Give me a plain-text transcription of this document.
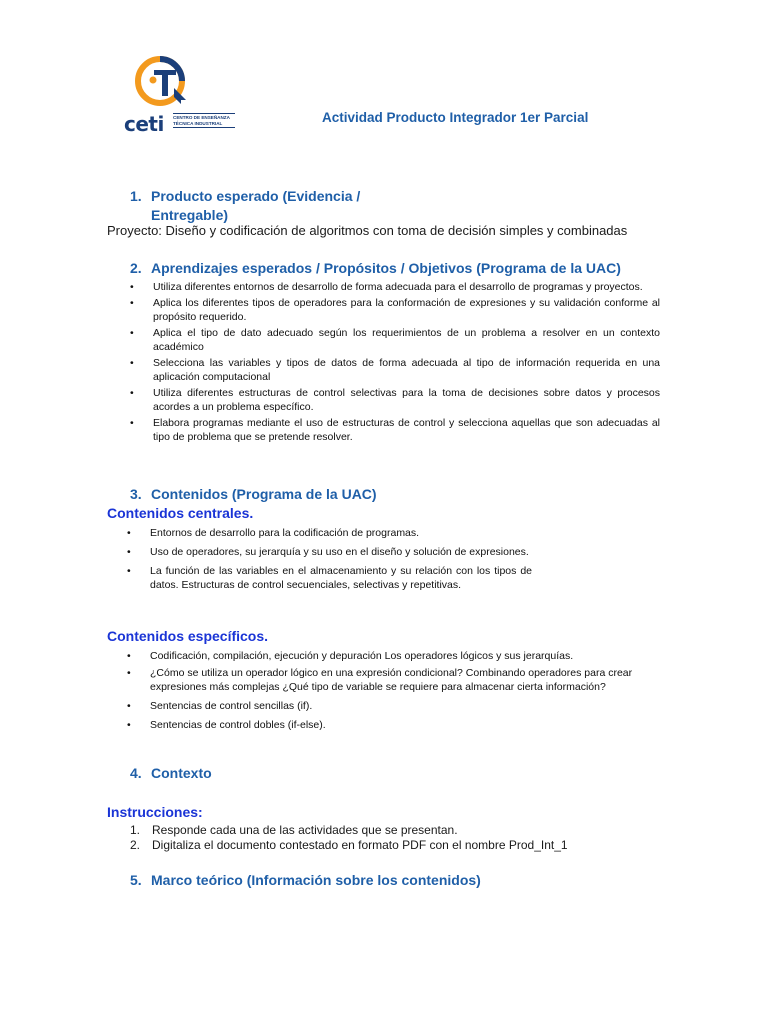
ceti CENTRO DE ENSEÑANZA
TÉCNICA INDUSTRIAL	Actividad Producto Integrador 1er Parcial
1. Producto esperado (Evidencia /
Entregable)

Proyecto: Diseño y codificación de algoritmos con toma de decisión simples y combinadas

2. Aprendizajes esperados / Propósitos / Objetivos (Programa de la UAC)
• Utiliza diferentes entornos de desarrollo de forma adecuada para el desarrollo de programas y proyectos.
• Aplica los diferentes tipos de operadores para la conformación de expresiones y su validación conforme al propósito requerido.
• Aplica el tipo de dato adecuado según los requerimientos de un problema a resolver en un contexto académico
• Selecciona las variables y tipos de datos de forma adecuada al tipo de información requerida en una aplicación computacional
• Utiliza diferentes estructuras de control selectivas para la toma de decisiones sobre datos y procesos acordes a un problema específico.
• Elabora programas mediante el uso de estructuras de control y selecciona aquellas que son adecuadas al tipo de problema que se pretende resolver.
3. Contenidos (Programa de la UAC)
Contenidos centrales.
• Entornos de desarrollo para la codificación de programas.
• Uso de operadores, su jerarquía y su uso en el diseño y solución de expresiones.
• La función de las variables en el almacenamiento y su relación con los tipos de datos. Estructuras de control secuenciales, selectivas y repetitivas.
Contenidos específicos.
• Codificación, compilación, ejecución y depuración Los operadores lógicos y sus jerarquías.
• ¿Cómo se utiliza un operador lógico en una expresión condicional? Combinando operadores para crear expresiones más complejas ¿Qué tipo de variable se requiere para almacenar cierta información?
• Sentencias de control sencillas (if).
• Sentencias de control dobles (if-else).
4. Contexto
Instrucciones:
1. Responde cada una de las actividades que se presentan.
2. Digitaliza el documento contestado en formato PDF con el nombre Prod_Int_1
5. Marco teórico (Información sobre los contenidos)
